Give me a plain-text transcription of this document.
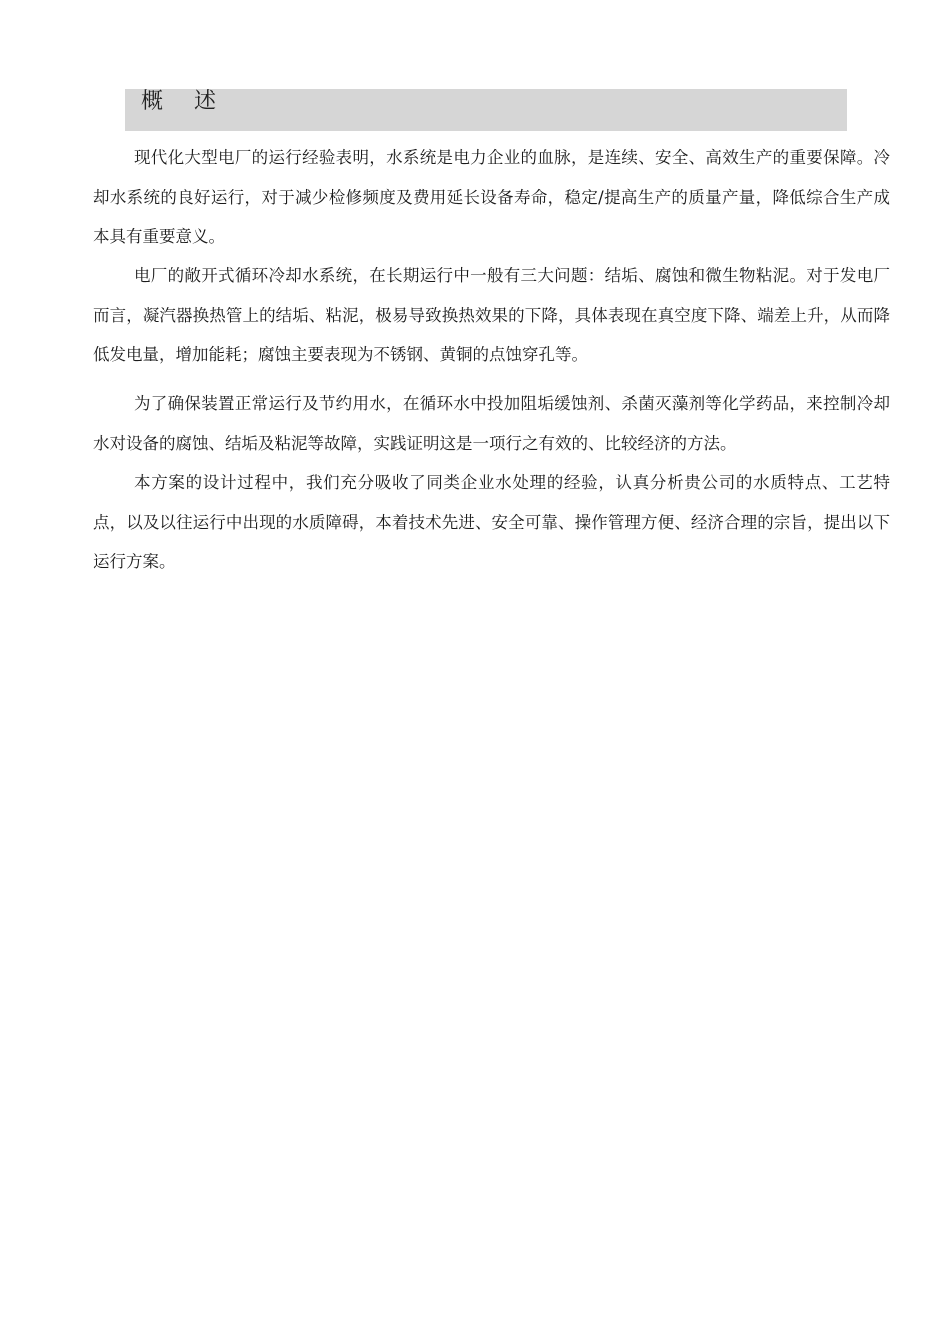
概 述

现代化大型电厂的运行经验表明，水系统是电力企业的血脉，是连续、安全、高效生产的重要保障。冷却水系统的良好运行，对于减少检修频度及费用延长设备寿命，稳定/提高生产的质量产量，降低综合生产成本具有重要意义。

电厂的敞开式循环冷却水系统，在长期运行中一般有三大问题：结垢、腐蚀和微生物粘泥。对于发电厂而言，凝汽器换热管上的结垢、粘泥，极易导致换热效果的下降，具体表现在真空度下降、端差上升，从而降低发电量，增加能耗；腐蚀主要表现为不锈钢、黄铜的点蚀穿孔等。

为了确保装置正常运行及节约用水，在循环水中投加阻垢缓蚀剂、杀菌灭藻剂等化学药品，来控制冷却水对设备的腐蚀、结垢及粘泥等故障，实践证明这是一项行之有效的、比较经济的方法。

本方案的设计过程中，我们充分吸收了同类企业水处理的经验，认真分析贵公司的水质特点、工艺特点，以及以往运行中出现的水质障碍，本着技术先进、安全可靠、操作管理方便、经济合理的宗旨，提出以下运行方案。
